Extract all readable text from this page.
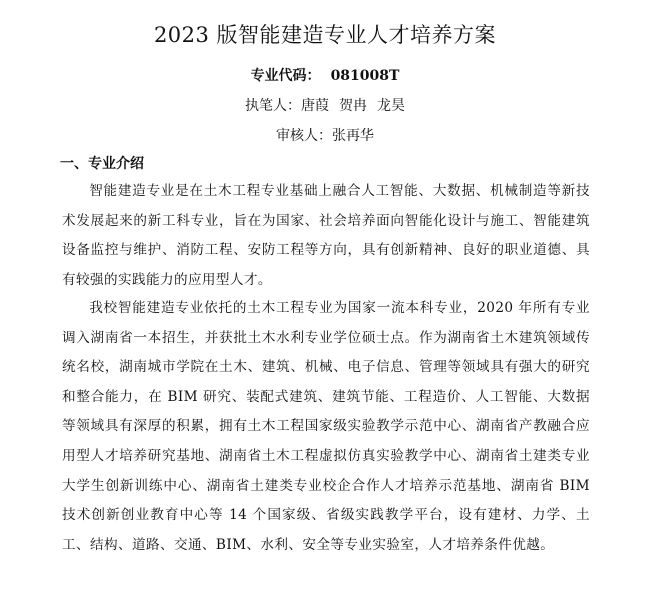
2023 版智能建造专业人才培养方案
专业代码： 081008T
执笔人：唐葭 贺冉 龙昊
审核人：张再华
一、专业介绍

智能建造专业是在土木工程专业基础上融合人工智能、大数据、机械制造等新技术发展起来的新工科专业，旨在为国家、社会培养面向智能化设计与施工、智能建筑设备监控与维护、消防工程、安防工程等方向，具有创新精神、良好的职业道德、具有较强的实践能力的应用型人才。

我校智能建造专业依托的土木工程专业为国家一流本科专业，2020 年所有专业调入湖南省一本招生，并获批土木水利专业学位硕士点。作为湖南省土木建筑领域传统名校，湖南城市学院在土木、建筑、机械、电子信息、管理等领域具有强大的研究和整合能力，在 BIM 研究、装配式建筑、建筑节能、工程造价、人工智能、大数据等领域具有深厚的积累，拥有土木工程国家级实验教学示范中心、湖南省产教融合应用型人才培养研究基地、湖南省土木工程虚拟仿真实验教学中心、湖南省土建类专业大学生创新训练中心、湖南省土建类专业校企合作人才培养示范基地、湖南省 BIM 技术创新创业教育中心等 14 个国家级、省级实践教学平台，设有建材、力学、土工、结构、道路、交通、BIM、水利、安全等专业实验室，人才培养条件优越。
